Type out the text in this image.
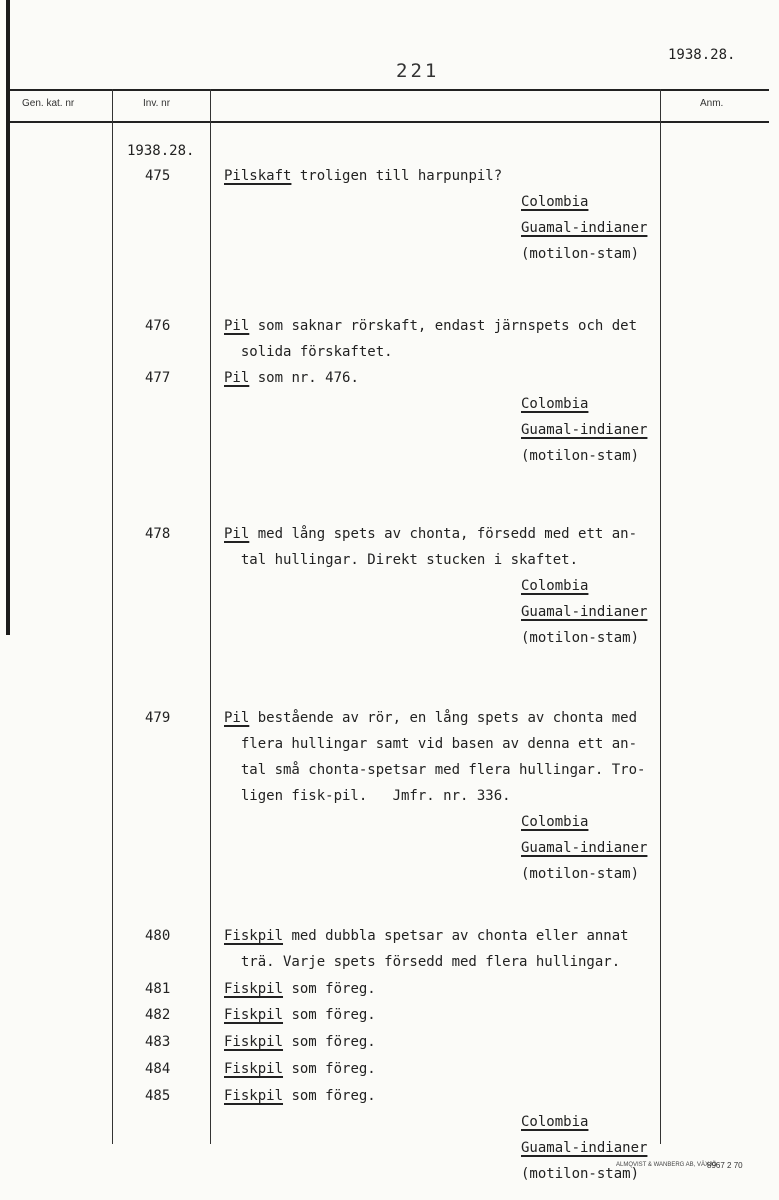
221
1938.28.
Gen. kat. nr	Inv. nr	Anm.
1938.28.
475	Pilskaft troligen till harpunpil?
Colombia
Guamal-indianer
(motilon-stam)
476	Pil som saknar rörskaft, endast järnspets och det
solida förskaftet.
477	Pil som nr. 476.
Colombia
Guamal-indianer
(motilon-stam)
478	Pil med lång spets av chonta, försedd med ett an-
tal hullingar. Direkt stucken i skaftet.
Colombia
Guamal-indianer
(motilon-stam)
479	Pil bestående av rör, en lång spets av chonta med
flera hullingar samt vid basen av denna ett an-
tal små chonta-spetsar med flera hullingar. Tro-
ligen fisk-pil.   Jmfr. nr. 336.
Colombia
Guamal-indianer
(motilon-stam)
480	Fiskpil med dubbla spetsar av chonta eller annat
trä. Varje spets försedd med flera hullingar.
481	Fiskpil som föreg.
482	Fiskpil som föreg.
483	Fiskpil som föreg.
484	Fiskpil som föreg.
485	Fiskpil som föreg.
Colombia
Guamal-indianer
(motilon-stam)
ALMQVIST & WANBERG AB, VÄXJÖ
8967 2 70
